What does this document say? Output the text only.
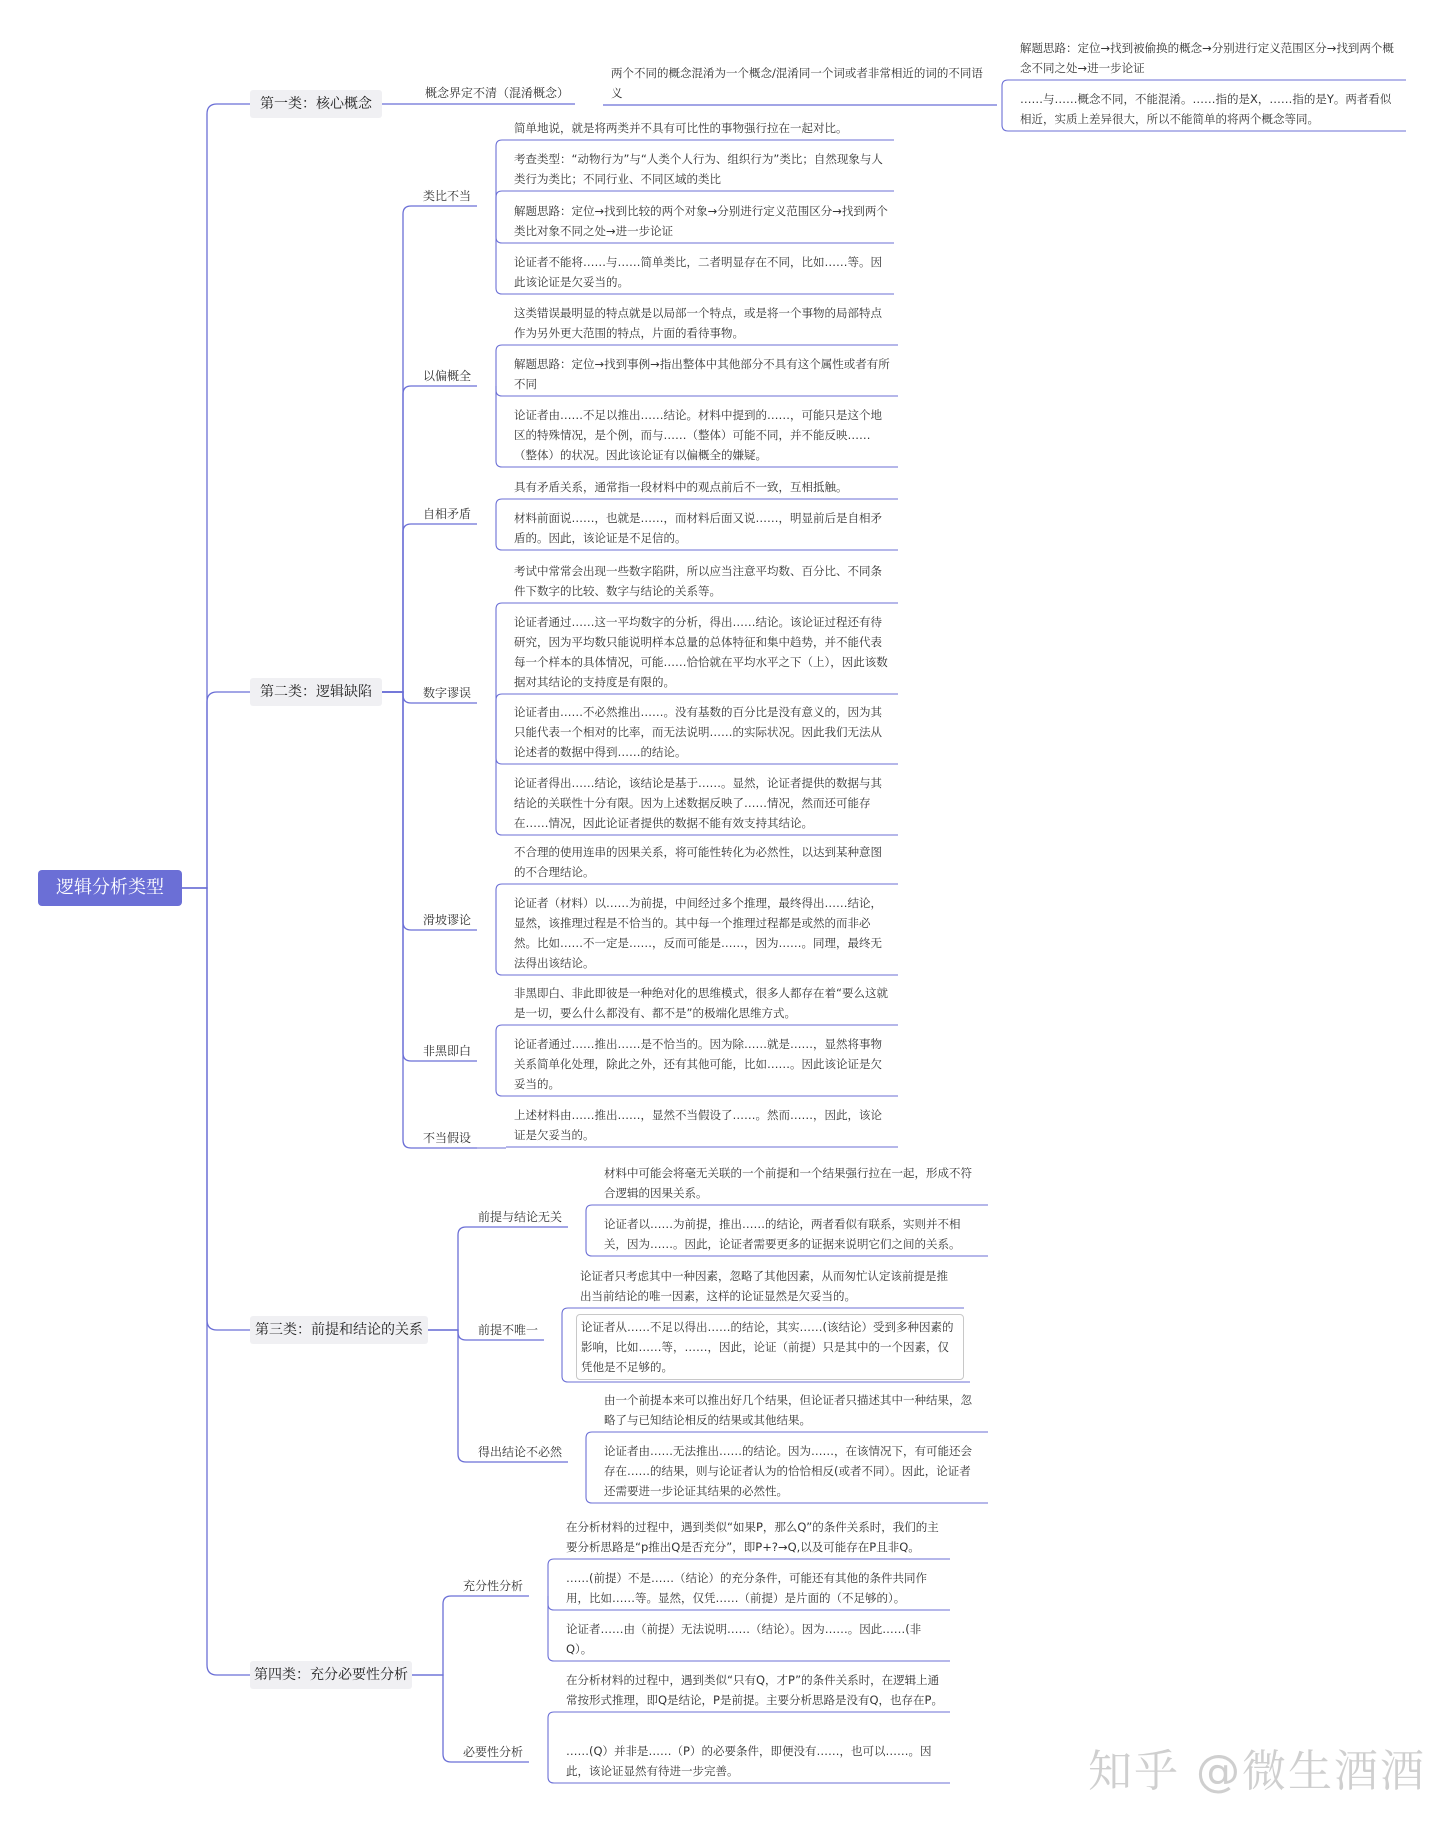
逻辑分析类型
第一类：核心概念
概念界定不清（混淆概念）
两个不同的概念混淆为一个概念/混淆同一个词或者非常相近的词的不同语义
解题思路：定位→找到被偷换的概念→分别进行定义范围区分→找到两个概念不同之处→进一步论证
……与……概念不同，不能混淆。……指的是X，……指的是Y。两者看似相近，实质上差异很大，所以不能简单的将两个概念等同。
第二类：逻辑缺陷
类比不当
简单地说，就是将两类并不具有可比性的事物强行拉在一起对比。
考查类型：“动物行为”与“人类个人行为、组织行为”类比；自然现象与人类行为类比；不同行业、不同区域的类比
解题思路：定位→找到比较的两个对象→分别进行定义范围区分→找到两个类比对象不同之处→进一步论证
论证者不能将……与……简单类比，二者明显存在不同，比如……等。因此该论证是欠妥当的。
以偏概全
这类错误最明显的特点就是以局部一个特点，或是将一个事物的局部特点作为另外更大范围的特点，片面的看待事物。
解题思路：定位→找到事例→指出整体中其他部分不具有这个属性或者有所不同
论证者由……不足以推出……结论。材料中提到的……，可能只是这个地区的特殊情况，是个例，而与……（整体）可能不同，并不能反映……（整体）的状况。因此该论证有以偏概全的嫌疑。
自相矛盾
具有矛盾关系，通常指一段材料中的观点前后不一致，互相抵触。
材料前面说……，也就是……，而材料后面又说……，明显前后是自相矛盾的。因此，该论证是不足信的。
数字谬误
考试中常常会出现一些数字陷阱，所以应当注意平均数、百分比、不同条件下数字的比较、数字与结论的关系等。
论证者通过……这一平均数字的分析，得出……结论。该论证过程还有待研究，因为平均数只能说明样本总量的总体特征和集中趋势，并不能代表每一个样本的具体情况，可能……恰恰就在平均水平之下（上），因此该数据对其结论的支持度是有限的。
论证者由……不必然推出……。没有基数的百分比是没有意义的，因为其只能代表一个相对的比率，而无法说明……的实际状况。因此我们无法从论述者的数据中得到……的结论。
论证者得出……结论，该结论是基于……。显然，论证者提供的数据与其结论的关联性十分有限。因为上述数据反映了……情况，然而还可能存在……情况，因此论证者提供的数据不能有效支持其结论。
滑坡谬论
不合理的使用连串的因果关系，将可能性转化为必然性，以达到某种意图的不合理结论。
论证者（材料）以……为前提，中间经过多个推理，最终得出……结论，显然，该推理过程是不恰当的。其中每一个推理过程都是或然的而非必然。比如……不一定是……，反而可能是……，因为……。同理，最终无法得出该结论。
非黑即白
非黑即白、非此即彼是一种绝对化的思维模式，很多人都存在着“要么这就是一切，要么什么都没有、都不是”的极端化思维方式。
论证者通过……推出……是不恰当的。因为除……就是……，显然将事物关系简单化处理，除此之外，还有其他可能，比如……。因此该论证是欠妥当的。
不当假设
上述材料由……推出……，显然不当假设了……。然而……，因此，该论证是欠妥当的。
第三类：前提和结论的关系
前提与结论无关
材料中可能会将毫无关联的一个前提和一个结果强行拉在一起，形成不符合逻辑的因果关系。
论证者以……为前提，推出……的结论，两者看似有联系，实则并不相关，因为……。因此，论证者需要更多的证据来说明它们之间的关系。
前提不唯一
论证者只考虑其中一种因素，忽略了其他因素，从而匆忙认定该前提是推出当前结论的唯一因素，这样的论证显然是欠妥当的。
论证者从……不足以得出……的结论，其实……(该结论）受到多种因素的影响，比如……等，……，因此，论证（前提）只是其中的一个因素，仅凭他是不足够的。
得出结论不必然
由一个前提本来可以推出好几个结果，但论证者只描述其中一种结果，忽略了与已知结论相反的结果或其他结果。
论证者由……无法推出……的结论。因为……，在该情况下，有可能还会存在……的结果，则与论证者认为的恰恰相反(或者不同）。因此，论证者还需要进一步论证其结果的必然性。
第四类：充分必要性分析
充分性分析
在分析材料的过程中，遇到类似“如果P，那么Q”的条件关系时，我们的主要分析思路是“p推出Q是否充分”，即P+?→Q,以及可能存在P且非Q。
……(前提）不是……（结论）的充分条件，可能还有其他的条件共同作用，比如……等。显然，仅凭……（前提）是片面的（不足够的）。
论证者……由（前提）无法说明……（结论）。因为……。因此……(非Q）。
必要性分析
在分析材料的过程中，遇到类似“只有Q，才P”的条件关系时，在逻辑上通常按形式推理，即Q是结论，P是前提。主要分析思路是没有Q，也存在P。
……(Q）并非是……（P）的必要条件，即便没有……，也可以……。因此，该论证显然有待进一步完善。	知乎 @微生酒酒
